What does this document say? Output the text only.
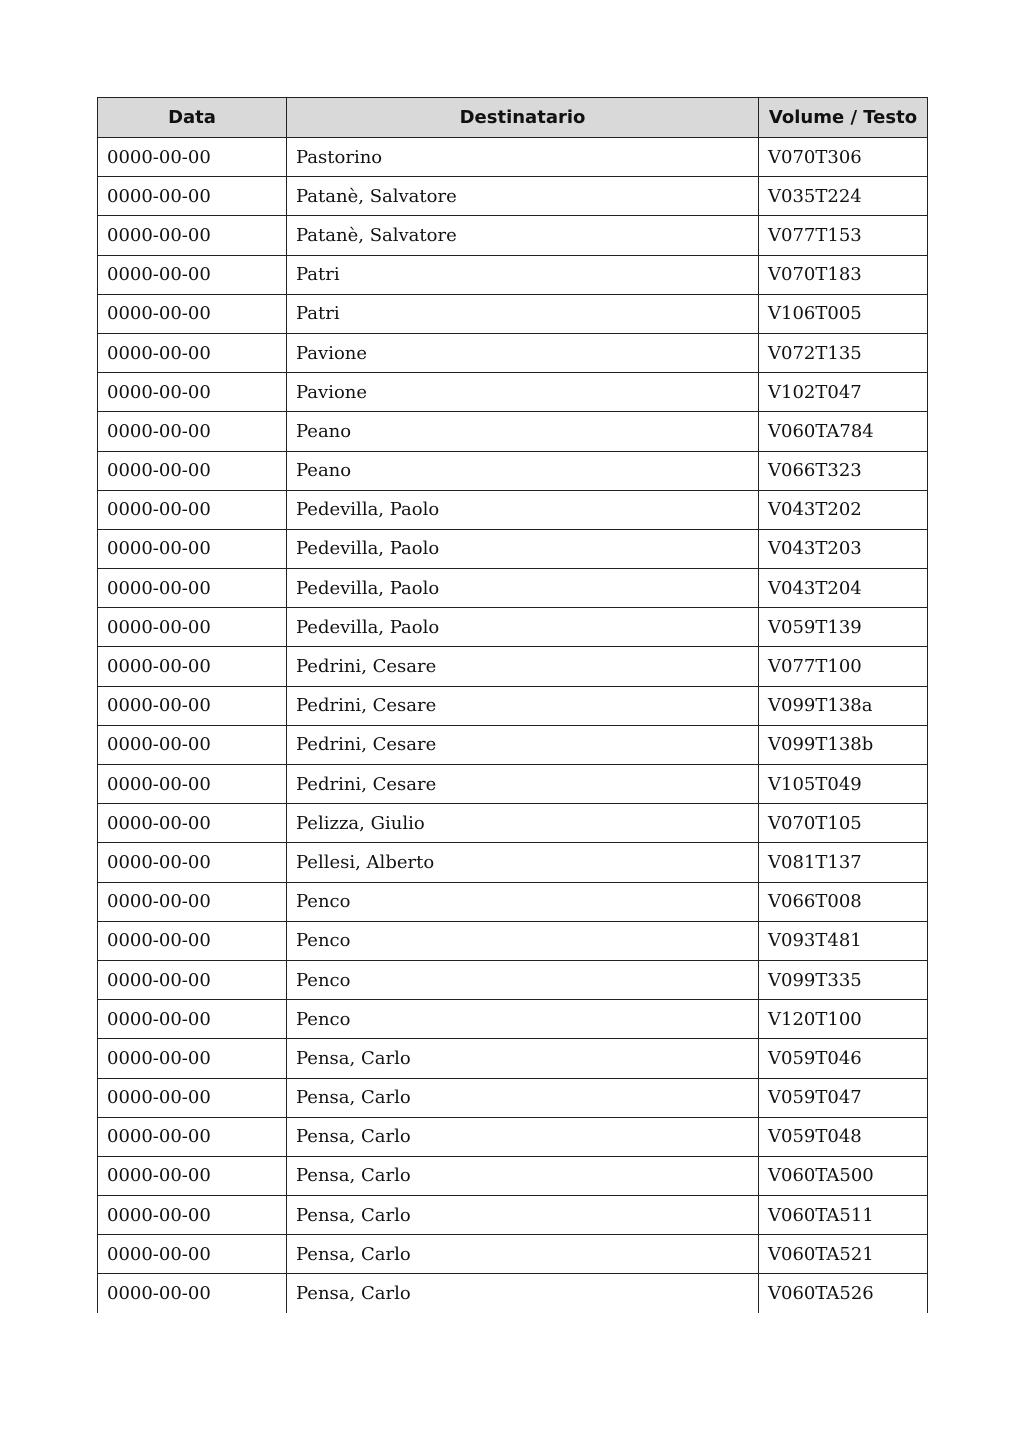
Data	Destinatario	Volume / Testo
0000-00-00	Pastorino	V070T306
0000-00-00	Patanè, Salvatore	V035T224
0000-00-00	Patanè, Salvatore	V077T153
0000-00-00	Patri	V070T183
0000-00-00	Patri	V106T005
0000-00-00	Pavione	V072T135
0000-00-00	Pavione	V102T047
0000-00-00	Peano	V060TA784
0000-00-00	Peano	V066T323
0000-00-00	Pedevilla, Paolo	V043T202
0000-00-00	Pedevilla, Paolo	V043T203
0000-00-00	Pedevilla, Paolo	V043T204
0000-00-00	Pedevilla, Paolo	V059T139
0000-00-00	Pedrini, Cesare	V077T100
0000-00-00	Pedrini, Cesare	V099T138a
0000-00-00	Pedrini, Cesare	V099T138b
0000-00-00	Pedrini, Cesare	V105T049
0000-00-00	Pelizza, Giulio	V070T105
0000-00-00	Pellesi, Alberto	V081T137
0000-00-00	Penco	V066T008
0000-00-00	Penco	V093T481
0000-00-00	Penco	V099T335
0000-00-00	Penco	V120T100
0000-00-00	Pensa, Carlo	V059T046
0000-00-00	Pensa, Carlo	V059T047
0000-00-00	Pensa, Carlo	V059T048
0000-00-00	Pensa, Carlo	V060TA500
0000-00-00	Pensa, Carlo	V060TA511
0000-00-00	Pensa, Carlo	V060TA521
0000-00-00	Pensa, Carlo	V060TA526
